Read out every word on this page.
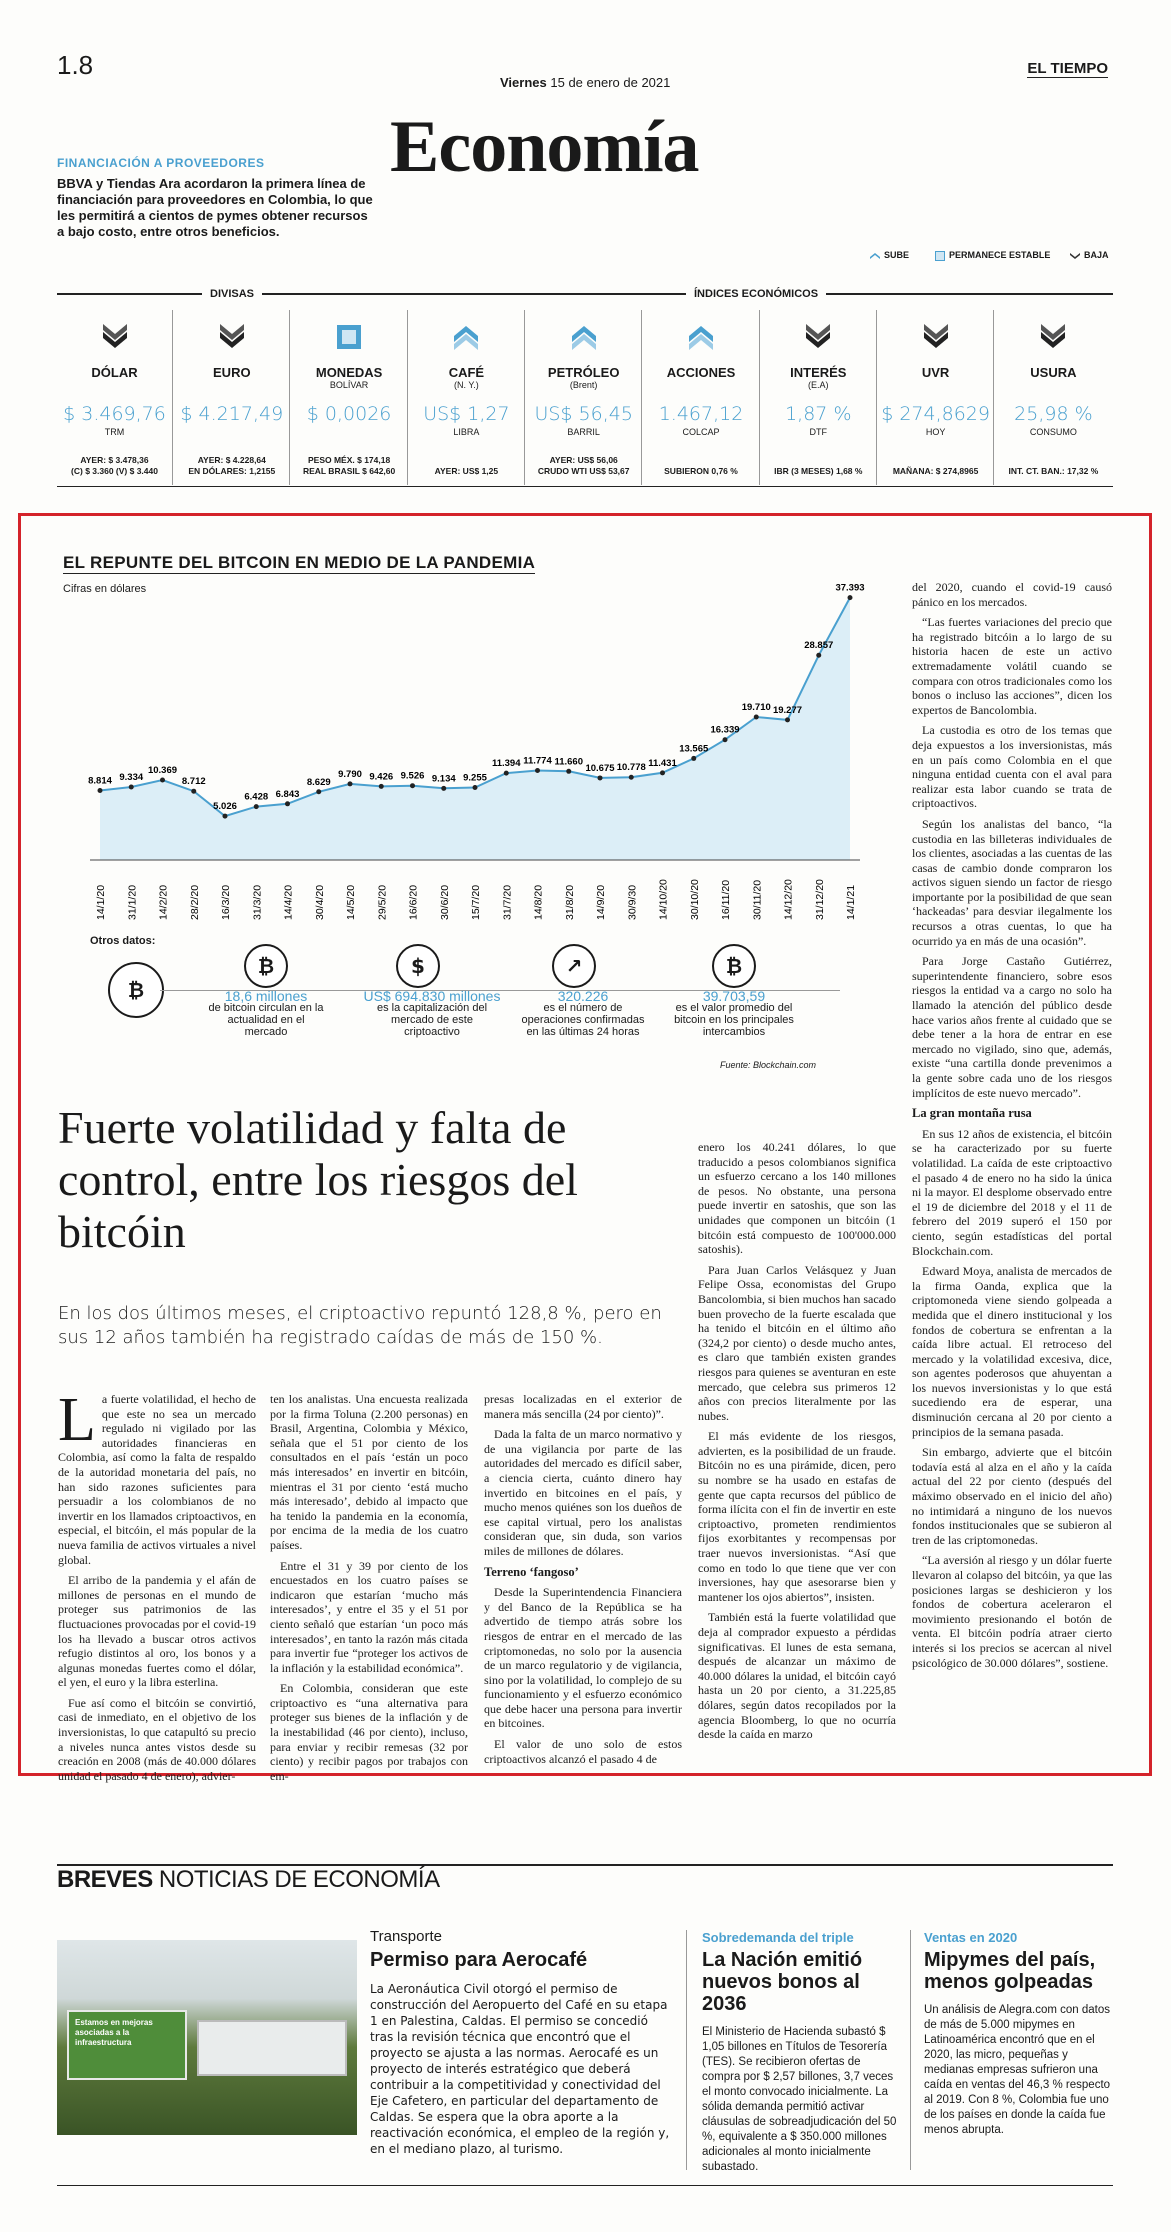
1.8
Viernes 15 de enero de 2021
EL TIEMPO
Economía
FINANCIACIÓN A PROVEEDORES
BBVA y Tiendas Ara acordaron la primera línea de financiación para proveedores en Colombia, lo que les permitirá a cientos de pymes obtener recursos a bajo costo, entre otros beneficios.
SUBE	PERMANECE ESTABLE	BAJA
DIVISAS	ÍNDICES ECONÓMICOS
DÓLAR
$ 3.469,76
TRM
AYER: $ 3.478,36
(C) $ 3.360 (V) $ 3.440
EURO
$ 4.217,49
AYER: $ 4.228,64
EN DÓLARES: 1,2155
MONEDAS
BOLÍVAR
$ 0,0026
PESO MÉX. $ 174,18
REAL BRASIL $ 642,60
CAFÉ
(N. Y.)
US$ 1,27
LIBRA
AYER: US$ 1,25
PETRÓLEO
(Brent)
US$ 56,45
BARRIL
AYER: US$ 56,06
CRUDO WTI US$ 53,67
ACCIONES
1.467,12
COLCAP
SUBIERON 0,76 %
INTERÉS
(E.A)
1,87 %
DTF
IBR (3 MESES) 1,68 %
UVR
$ 274,8629
HOY
MAÑANA: $ 274,8965
USURA
25,98 %
CONSUMO
INT. CT. BAN.: 17,32 %
EL REPUNTE DEL BITCOIN EN MEDIO DE LA PANDEMIA
Cifras en dólares
8.814
14/1/20
9.334
31/1/20
10.369
14/2/20
8.712
28/2/20
5.026
16/3/20
6.428
31/3/20
6.843
14/4/20
8.629
30/4/20
9.790
14/5/20
9.426
29/5/20
9.526
16/6/20
9.134
30/6/20
9.255
15/7/20
11.394
31/7/20
11.774
14/8/20
11.660
31/8/20
10.675
14/9/20
10.778
30/9/30
11.431
14/10/20
13.565
30/10/20
16.339
16/11/20
19.710
30/11/20
19.277
14/12/20
28.857
31/12/20
37.393
14/1/21
Otros datos:
₿
₿	$	↗	₿
18,6 millones
de bitcoin circulan en la actualidad en el mercado
US$ 694.830 millones
es la capitalización del mercado de este criptoactivo
320.226
es el número de operaciones confirmadas en las últimas 24 horas
39.703,59
es el valor promedio del bitcoin en los principales intercambios
Fuente: Blockchain.com
Fuerte volatilidad y falta de control, entre los riesgos del bitcóin
En los dos últimos meses, el criptoactivo repuntó 128,8 %, pero en sus 12 años también ha registrado caídas de más de 150 %.

La fuerte volatilidad, el hecho de que este no sea un mercado regulado ni vigilado por las autoridades financieras en Colombia, así como la falta de respaldo de la autoridad monetaria del país, no han sido razones suficientes para persuadir a los colombianos de no invertir en los llamados criptoactivos, en especial, el bitcóin, el más popular de la nueva familia de activos virtuales a nivel global.

El arribo de la pandemia y el afán de millones de personas en el mundo de proteger sus patrimonios de las fluctuaciones provocadas por el covid-19 los ha llevado a buscar otros activos refugio distintos al oro, los bonos y a algunas monedas fuertes como el dólar, el yen, el euro y la libra esterlina.

Fue así como el bitcóin se convirtió, casi de inmediato, en el objetivo de los inversionistas, lo que catapultó su precio a niveles nunca antes vistos desde su creación en 2008 (más de 40.000 dólares unidad el pasado 4 de enero), advier-

ten los analistas. Una encuesta realizada por la firma Toluna (2.200 personas) en Brasil, Argentina, Colombia y México, señala que el 51 por ciento de los consultados en el país ‘están un poco más interesados’ en invertir en bitcóin, mientras el 31 por ciento ‘está mucho más interesado’, debido al impacto que ha tenido la pandemia en la economía, por encima de la media de los cuatro países.

Entre el 31 y 39 por ciento de los encuestados en los cuatro países se indicaron que estarían ‘mucho más interesados’, y entre el 35 y el 51 por ciento señaló que estarían ‘un poco más interesados’, en tanto la razón más citada para invertir fue “proteger los activos de la inflación y la estabilidad económica”.

En Colombia, consideran que este criptoactivo es “una alternativa para proteger sus bienes de la inflación y de la inestabilidad (46 por ciento), incluso, para enviar y recibir remesas (32 por ciento) y recibir pagos por trabajos con em-

presas localizadas en el exterior de manera más sencilla (24 por ciento)”.

Dada la falta de un marco normativo y de una vigilancia por parte de las autoridades del mercado es difícil saber, a ciencia cierta, cuánto dinero hay invertido en bitcoines en el país, y mucho menos quiénes son los dueños de ese capital virtual, pero los analistas consideran que, sin duda, son varios miles de millones de dólares.

Terreno ‘fangoso’

Desde la Superintendencia Financiera y del Banco de la República se ha advertido de tiempo atrás sobre los riesgos de entrar en el mercado de las criptomonedas, no solo por la ausencia de un marco regulatorio y de vigilancia, sino por la volatilidad, lo complejo de su funcionamiento y el esfuerzo económico que debe hacer una persona para invertir en bitcoines.

El valor de uno solo de estos criptoactivos alcanzó el pasado 4 de

enero los 40.241 dólares, lo que traducido a pesos colombianos significa un esfuerzo cercano a los 140 millones de pesos. No obstante, una persona puede invertir en satoshis, que son las unidades que componen un bitcóin (1 bitcóin está compuesto de 100'000.000 satoshis).

Para Juan Carlos Velásquez y Juan Felipe Ossa, economistas del Grupo Bancolombia, si bien muchos han sacado buen provecho de la fuerte escalada que ha tenido el bitcóin en el último año (324,2 por ciento) o desde mucho antes, es claro que también existen grandes riesgos para quienes se aventuran en este mercado, que celebra sus primeros 12 años con precios literalmente por las nubes.

El más evidente de los riesgos, advierten, es la posibilidad de un fraude. Bitcóin no es una pirámide, dicen, pero su nombre se ha usado en estafas de gente que capta recursos del público de forma ilícita con el fin de invertir en este criptoactivo, prometen rendimientos fijos exorbitantes y recompensas por traer nuevos inversionistas. “Así que como en todo lo que tiene que ver con inversiones, hay que asesorarse bien y mantener los ojos abiertos”, insisten.

También está la fuerte volatilidad que deja al comprador expuesto a pérdidas significativas. El lunes de esta semana, después de alcanzar un máximo de 40.000 dólares la unidad, el bitcóin cayó hasta un 20 por ciento, a 31.225,85 dólares, según datos recopilados por la agencia Bloomberg, lo que no ocurría desde la caída en marzo

del 2020, cuando el covid-19 causó pánico en los mercados.

“Las fuertes variaciones del precio que ha registrado bitcóin a lo largo de su historia hacen de este un activo extremadamente volátil cuando se compara con otros tradicionales como los bonos o incluso las acciones”, dicen los expertos de Bancolombia.

La custodia es otro de los temas que deja expuestos a los inversionistas, más en un país como Colombia en el que ninguna entidad cuenta con el aval para realizar esta labor cuando se trata de criptoactivos.

Según los analistas del banco, “la custodia en las billeteras individuales de los clientes, asociadas a las cuentas de las casas de cambio donde compraron los activos siguen siendo un factor de riesgo importante por la posibilidad de que sean ‘hackeadas’ para desviar ilegalmente los recursos a otras cuentas, lo que ha ocurrido ya en más de una ocasión”.

Para Jorge Castaño Gutiérrez, superintendente financiero, sobre esos riesgos la entidad va a cargo no solo ha llamado la atención del público desde hace varios años frente al cuidado que se debe tener a la hora de entrar en ese mercado no vigilado, sino que, además, existe “una cartilla donde prevenimos a la gente sobre cada uno de los riesgos implícitos de este nuevo mercado”.

La gran montaña rusa

En sus 12 años de existencia, el bitcóin se ha caracterizado por su fuerte volatilidad. La caída de este criptoactivo el pasado 4 de enero no ha sido la única ni la mayor. El desplome observado entre el 19 de diciembre del 2018 y el 11 de febrero del 2019 superó el 150 por ciento, según estadísticas del portal Blockchain.com.

Edward Moya, analista de mercados de la firma Oanda, explica que la criptomoneda viene siendo golpeada a medida que el dinero institucional y los fondos de cobertura se enfrentan a la caída libre actual. El retroceso del mercado y la volatilidad excesiva, dice, son agentes poderosos que ahuyentan a los nuevos inversionistas y lo que está sucediendo era de esperar, una disminución cercana al 20 por ciento a principios de la semana pasada.

Sin embargo, advierte que el bitcóin todavía está al alza en el año y la caída actual del 22 por ciento (después del máximo observado en el inicio del año) no intimidará a ninguno de los nuevos fondos institucionales que se subieron al tren de las criptomonedas.

“La aversión al riesgo y un dólar fuerte llevaron al colapso del bitcóin, ya que las posiciones largas se deshicieron y los fondos de cobertura aceleraron el movimiento presionando el botón de venta. El bitcóin podría atraer cierto interés si los precios se acercan al nivel psicológico de 30.000 dólares”, sostiene.

BREVES NOTICIAS DE ECONOMÍA
Estamos en mejoras asociadas a la infraestructura
Transporte
Permiso para Aerocafé
La Aeronáutica Civil otorgó el permiso de construcción del Aeropuerto del Café en su etapa 1 en Palestina, Caldas. El permiso se concedió tras la revisión técnica que encontró que el proyecto se ajusta a las normas. Aerocafé es un proyecto de interés estratégico que deberá contribuir a la competitividad y conectividad del Eje Cafetero, en particular del departamento de Caldas. Se espera que la obra aporte a la reactivación económica, el empleo de la región y, en el mediano plazo, al turismo.
Sobredemanda del triple
La Nación emitió nuevos bonos al 2036
El Ministerio de Hacienda subastó $ 1,05 billones en Títulos de Tesorería (TES). Se recibieron ofertas de compra por $ 2,57 billones, 3,7 veces el monto convocado inicialmente. La sólida demanda permitió activar cláusulas de sobreadjudicación del 50 %, equivalente a $ 350.000 millones adicionales al monto inicialmente subastado.
Ventas en 2020
Mipymes del país, menos golpeadas
Un análisis de Alegra.com con datos de más de 5.000 mipymes en Latinoamérica encontró que en el 2020, las micro, pequeñas y medianas empresas sufrieron una caída en ventas del 46,3 % respecto al 2019. Con 8 %, Colombia fue uno de los países en donde la caída fue menos abrupta.
